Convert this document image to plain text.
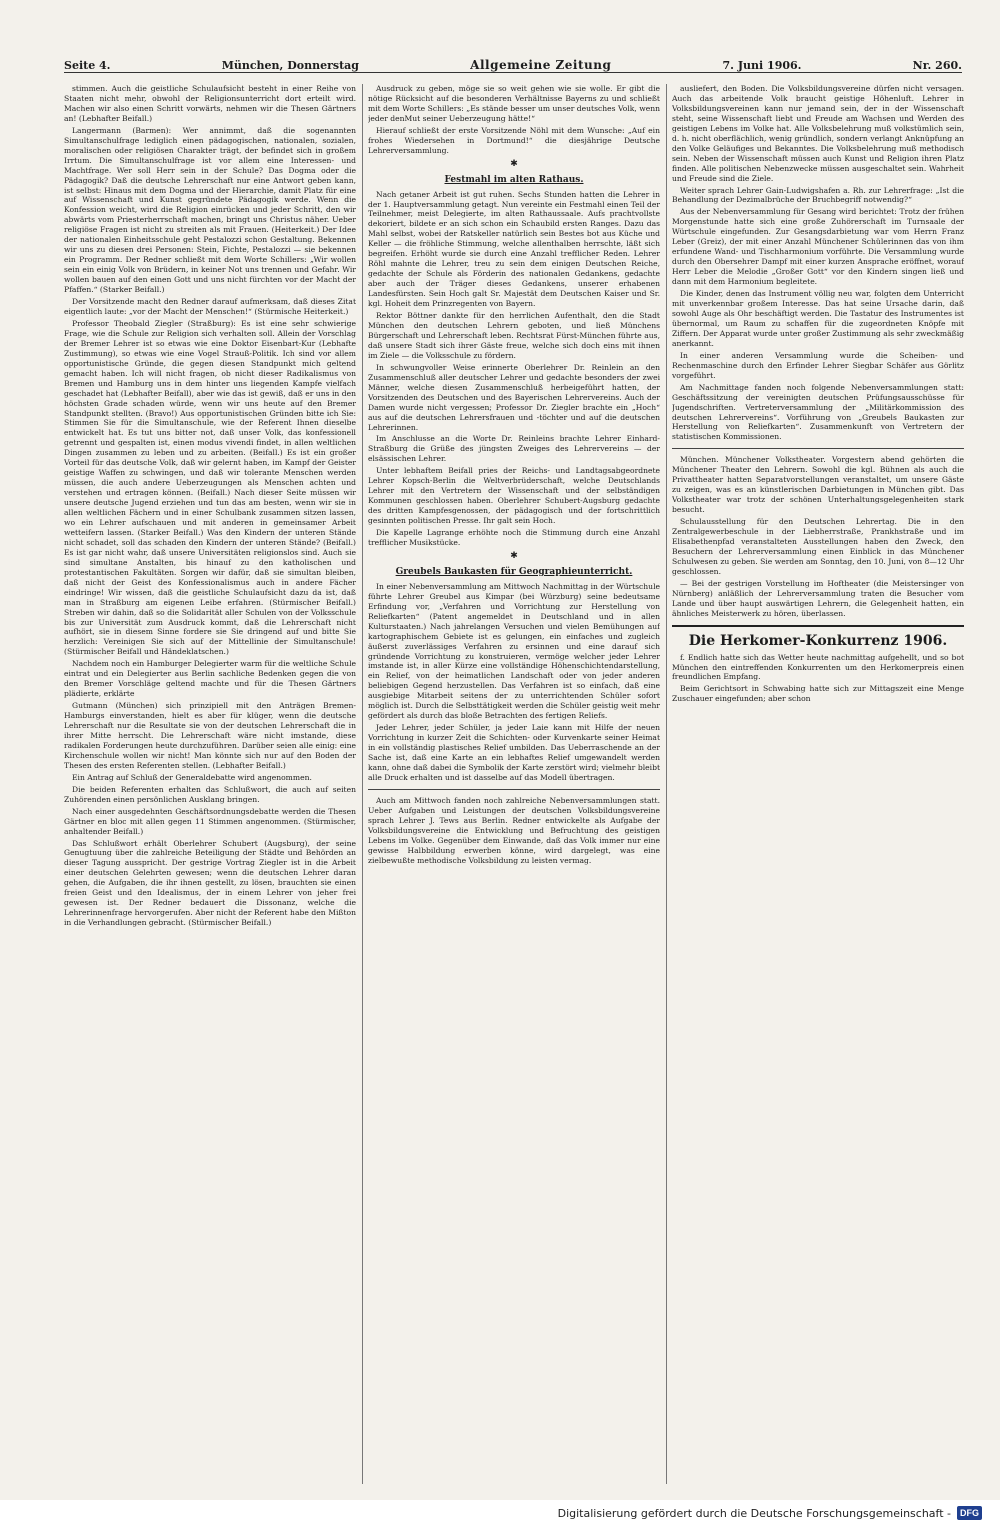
Seite 4.	München, Donnerstag	Allgemeine Zeitung	7. Juni 1906.	Nr. 260.

stimmen. Auch die geistliche Schulaufsicht besteht in einer Reihe von Staaten nicht mehr, obwohl der Religionsunterricht dort erteilt wird. Machen wir also einen Schritt vorwärts, nehmen wir die Thesen Gärtners an! (Lebhafter Beifall.)

Langermann (Barmen): Wer annimmt, daß die sogenannten Simultanschulfrage lediglich einen pädagogischen, nationalen, sozialen, moralischen oder religiösen Charakter trägt, der befindet sich in großem Irrtum. Die Simultanschulfrage ist vor allem eine Interessen- und Machtfrage. Wer soll Herr sein in der Schule? Das Dogma oder die Pädagogik? Daß die deutsche Lehrerschaft nur eine Antwort geben kann, ist selbst: Hinaus mit dem Dogma und der Hierarchie, damit Platz für eine auf Wissenschaft und Kunst gegründete Pädagogik werde. Wenn die Konfession weicht, wird die Religion einrücken und jeder Schritt, den wir abwärts vom Priesterherrschaft machen, bringt uns Christus näher. Ueber religiöse Fragen ist nicht zu streiten als mit Frauen. (Heiterkeit.) Der Idee der nationalen Einheitsschule geht Pestalozzi schon Gestaltung. Bekennen wir uns zu diesen drei Personen: Stein, Fichte, Pestalozzi — sie bekennen ein Programm. Der Redner schließt mit dem Worte Schillers: „Wir wollen sein ein einig Volk von Brüdern, in keiner Not uns trennen und Gefahr. Wir wollen bauen auf den einen Gott und uns nicht fürchten vor der Macht der Pfaffen.“ (Starker Beifall.)

Der Vorsitzende macht den Redner darauf aufmerksam, daß dieses Zitat eigentlich laute: „vor der Macht der Menschen!“ (Stürmische Heiterkeit.)

Professor Theobald Ziegler (Straßburg): Es ist eine sehr schwierige Frage, wie die Schule zur Religion sich verhalten soll. Allein der Vorschlag der Bremer Lehrer ist so etwas wie eine Doktor Eisenbart-Kur (Lebhafte Zustimmung), so etwas wie eine Vogel Strauß-Politik. Ich sind vor allem opportunistische Gründe, die gegen diesen Standpunkt mich geltend gemacht haben. Ich will nicht fragen, ob nicht dieser Radikalismus von Bremen und Hamburg uns in dem hinter uns liegenden Kampfe vielfach geschadet hat (Lebhafter Beifall), aber wie das ist gewiß, daß er uns in den höchsten Grade schaden würde, wenn wir uns heute auf den Bremer Standpunkt stellten. (Bravo!) Aus opportunistischen Gründen bitte ich Sie: Stimmen Sie für die Simultanschule, wie der Referent Ihnen dieselbe entwickelt hat. Es tut uns bitter not, daß unser Volk, das konfessionell getrennt und gespalten ist, einen modus vivendi findet, in allen weltlichen Dingen zusammen zu leben und zu arbeiten. (Beifall.) Es ist ein großer Vorteil für das deutsche Volk, daß wir gelernt haben, im Kampf der Geister geistige Waffen zu schwingen, und daß wir tolerante Menschen werden müssen, die auch andere Ueberzeugungen als Menschen achten und verstehen und ertragen können. (Beifall.) Nach dieser Seite müssen wir unsere deutsche Jugend erziehen und tun das am besten, wenn wir sie in allen weltlichen Fächern und in einer Schulbank zusammen sitzen lassen, wo ein Lehrer aufschauen und mit anderen in gemeinsamer Arbeit wetteifern lassen. (Starker Beifall.) Was den Kindern der unteren Stände nicht schadet, soll das schaden den Kindern der unteren Stände? (Beifall.) Es ist gar nicht wahr, daß unsere Universitäten religionslos sind. Auch sie sind simultane Anstalten, bis hinauf zu den katholischen und protestantischen Fakultäten. Sorgen wir dafür, daß sie simultan bleiben, daß nicht der Geist des Konfessionalismus auch in andere Fächer eindringe! Wir wissen, daß die geistliche Schulaufsicht dazu da ist, daß man in Straßburg am eigenen Leibe erfahren. (Stürmischer Beifall.) Streben wir dahin, daß so die Solidarität aller Schulen von der Volksschule bis zur Universität zum Ausdruck kommt, daß die Lehrerschaft nicht aufhört, sie in diesem Sinne fordere sie Sie dringend auf und bitte Sie herzlich: Vereinigen Sie sich auf der Mittellinie der Simultanschule! (Stürmischer Beifall und Händeklatschen.)

Nachdem noch ein Hamburger Delegierter warm für die weltliche Schule eintrat und ein Delegierter aus Berlin sachliche Bedenken gegen die von den Bremer Vorschläge geltend machte und für die Thesen Gärtners plädierte, erklärte

Gutmann (München) sich prinzipiell mit den Anträgen Bremen-Hamburgs einverstanden, hielt es aber für klüger, wenn die deutsche Lehrerschaft nur die Resultate sie von der deutschen Lehrerschaft die in ihrer Mitte herrscht. Die Lehrerschaft wäre nicht imstande, diese radikalen Forderungen heute durchzuführen. Darüber seien alle einig: eine Kirchenschule wollen wir nicht! Man könnte sich nur auf den Boden der Thesen des ersten Referenten stellen. (Lebhafter Beifall.)

Ein Antrag auf Schluß der Generaldebatte wird angenommen.

Die beiden Referenten erhalten das Schlußwort, die auch auf seiten Zuhörenden einen persönlichen Ausklang bringen.

Nach einer ausgedehnten Geschäftsordnungsdebatte werden die Thesen Gärtner en bloc mit allen gegen 11 Stimmen angenommen. (Stürmischer, anhaltender Beifall.)

Das Schlußwort erhält Oberlehrer Schubert (Augsburg), der seine Genugtuung über die zahlreiche Beteiligung der Städte und Behörden an dieser Tagung ausspricht. Der gestrige Vortrag Ziegler ist in die Arbeit einer deutschen Gelehrten gewesen; wenn die deutschen Lehrer daran gehen, die Aufgaben, die ihr ihnen gestellt, zu lösen, brauchten sie einen freien Geist und den Idealismus, der in einem Lehrer von jeher frei gewesen ist. Der Redner bedauert die Dissonanz, welche die Lehrerinnenfrage hervorgerufen. Aber nicht der Referent habe den Mißton in die Verhandlungen gebracht. (Stürmischer Beifall.)

Ausdruck zu geben, möge sie so weit gehen wie sie wolle. Er gibt die nötige Rücksicht auf die besonderen Verhältnisse Bayerns zu und schließt mit dem Worte Schillers: „Es stände besser um unser deutsches Volk, wenn jeder denMut seiner Ueberzeugung hätte!“

Hierauf schließt der erste Vorsitzende Nöhl mit dem Wunsche: „Auf ein frohes Wiedersehen in Dortmund!“ die diesjährige Deutsche Lehrerversammlung.

✱
Festmahl im alten Rathaus.

Nach getaner Arbeit ist gut ruhen. Sechs Stunden hatten die Lehrer in der 1. Hauptversammlung getagt. Nun vereinte ein Festmahl einen Teil der Teilnehmer, meist Delegierte, im alten Rathaussaale. Aufs prachtvollste dekoriert, bildete er an sich schon ein Schaubild ersten Ranges. Dazu das Mahl selbst, wobei der Ratskeller natürlich sein Bestes bot aus Küche und Keller — die fröhliche Stimmung, welche allenthalben herrschte, läßt sich begreifen. Erhöht wurde sie durch eine Anzahl trefflicher Reden. Lehrer Röhl mahnte die Lehrer, treu zu sein dem einigen Deutschen Reiche, gedachte der Schule als Förderin des nationalen Gedankens, gedachte aber auch der Träger dieses Gedankens, unserer erhabenen Landesfürsten. Sein Hoch galt Sr. Majestät dem Deutschen Kaiser und Sr. kgl. Hoheit dem Prinzregenten von Bayern.

Rektor Böttner dankte für den herrlichen Aufenthalt, den die Stadt München den deutschen Lehrern geboten, und ließ Münchens Bürgerschaft und Lehrerschaft leben. Rechtsrat Fürst-München führte aus, daß unsere Stadt sich ihrer Gäste freue, welche sich doch eins mit ihnen im Ziele — die Volksschule zu fördern.

In schwungvoller Weise erinnerte Oberlehrer Dr. Reinlein an den Zusammenschluß aller deutscher Lehrer und gedachte besonders der zwei Männer, welche diesen Zusammenschluß herbeigeführt hatten, der Vorsitzenden des Deutschen und des Bayerischen Lehrervereins. Auch der Damen wurde nicht vergessen; Professor Dr. Ziegler brachte ein „Hoch“ aus auf die deutschen Lehrersfrauen und -töchter und auf die deutschen Lehrerinnen.

Im Anschlusse an die Worte Dr. Reinleins brachte Lehrer Einhard-Straßburg die Grüße des jüngsten Zweiges des Lehrervereins — der elsässischen Lehrer.

Unter lebhaftem Beifall pries der Reichs- und Landtagsabgeordnete Lehrer Kopsch-Berlin die Weltverbrüderschaft, welche Deutschlands Lehrer mit den Vertretern der Wissenschaft und der selbständigen Kommunen geschlossen haben. Oberlehrer Schubert-Augsburg gedachte des dritten Kampfesgenossen, der pädagogisch und der fortschrittlich gesinnten politischen Presse. Ihr galt sein Hoch.

Die Kapelle Lagrange erhöhte noch die Stimmung durch eine Anzahl trefflicher Musikstücke.

✱
Greubels Baukasten für Geographieunterricht.

In einer Nebenversammlung am Mittwoch Nachmittag in der Würtschule führte Lehrer Greubel aus Kimpar (bei Würzburg) seine bedeutsame Erfindung vor, „Verfahren und Vorrichtung zur Herstellung von Reliefkarten“ (Patent angemeldet in Deutschland und in allen Kulturstaaten.) Nach jahrelangen Versuchen und vielen Bemühungen auf kartographischem Gebiete ist es gelungen, ein einfaches und zugleich äußerst zuverlässiges Verfahren zu ersinnen und eine darauf sich gründende Vorrichtung zu konstruieren, vermöge welcher jeder Lehrer imstande ist, in aller Kürze eine vollständige Höhenschichtendarstellung, ein Relief, von der heimatlichen Landschaft oder von jeder anderen beliebigen Gegend herzustellen. Das Verfahren ist so einfach, daß eine ausgiebige Mitarbeit seitens der zu unterrichtenden Schüler sofort möglich ist. Durch die Selbsttätigkeit werden die Schüler geistig weit mehr gefördert als durch das bloße Betrachten des fertigen Reliefs.

Jeder Lehrer, jeder Schüler, ja jeder Laie kann mit Hilfe der neuen Vorrichtung in kurzer Zeit die Schichten- oder Kurvenkarte seiner Heimat in ein vollständig plastisches Relief umbilden. Das Ueberraschende an der Sache ist, daß eine Karte an ein lebhaftes Relief umgewandelt werden kann, ohne daß dabei die Symbolik der Karte zerstört wird; vielmehr bleibt alle Druck erhalten und ist dasselbe auf das Modell übertragen.

Auch am Mittwoch fanden noch zahlreiche Nebenversammlungen statt. Ueber Aufgaben und Leistungen der deutschen Volksbildungsvereine sprach Lehrer J. Tews aus Berlin. Redner entwickelte als Aufgabe der Volksbildungsvereine die Entwicklung und Befruchtung des geistigen Lebens im Volke. Gegenüber dem Einwande, daß das Volk immer nur eine gewisse Halbbildung erwerben könne, wird dargelegt, was eine zielbewußte methodische Volksbildung zu leisten vermag.

ausliefert, den Boden. Die Volksbildungsvereine dürfen nicht versagen. Auch das arbeitende Volk braucht geistige Höhenluft. Lehrer in Volksbildungsvereinen kann nur jemand sein, der in der Wissenschaft steht, seine Wissenschaft liebt und Freude am Wachsen und Werden des geistigen Lebens im Volke hat. Alle Volksbelehrung muß volkstümlich sein, d. h. nicht oberflächlich, wenig gründlich, sondern verlangt Anknüpfung an den Volke Geläufiges und Bekanntes. Die Volksbelehrung muß methodisch sein. Neben der Wissenschaft müssen auch Kunst und Religion ihren Platz finden. Alle politischen Nebenzwecke müssen ausgeschaltet sein. Wahrheit und Freude sind die Ziele.

Weiter sprach Lehrer Gain-Ludwigshafen a. Rh. zur Lehrerfrage: „Ist die Behandlung der Dezimalbrüche der Bruchbegriff notwendig?“

Aus der Nebenversammlung für Gesang wird berichtet: Trotz der frühen Morgenstunde hatte sich eine große Zuhörerschaft im Turnsaale der Würtschule eingefunden. Zur Gesangsdarbietung war vom Herrn Franz Leber (Greiz), der mit einer Anzahl Münchener Schülerinnen das von ihm erfundene Wand- und Tischharmonium vorführte. Die Versammlung wurde durch den Obersehrer Dampf mit einer kurzen Ansprache eröffnet, worauf Herr Leber die Melodie „Großer Gott“ vor den Kindern singen ließ und dann mit dem Harmonium begleitete.

Die Kinder, denen das Instrument völlig neu war, folgten dem Unterricht mit unverkennbar großem Interesse. Das hat seine Ursache darin, daß sowohl Auge als Ohr beschäftigt werden. Die Tastatur des Instrumentes ist übernormal, um Raum zu schaffen für die zugeordneten Knöpfe mit Ziffern. Der Apparat wurde unter großer Zustimmung als sehr zweckmäßig anerkannt.

In einer anderen Versammlung wurde die Scheiben- und Rechenmaschine durch den Erfinder Lehrer Siegbar Schäfer aus Görlitz vorgeführt.

Am Nachmittage fanden noch folgende Nebenversammlungen statt: Geschäftssitzung der vereinigten deutschen Prüfungsausschüsse für Jugendschriften. Vertreterversammlung der „Militärkommission des deutschen Lehrervereins“. Vorführung von „Greubels Baukasten zur Herstellung von Reliefkarten“. Zusammenkunft von Vertretern der statistischen Kommissionen.

München. Münchener Volkstheater. Vorgestern abend gehörten die Münchener Theater den Lehrern. Sowohl die kgl. Bühnen als auch die Privattheater hatten Separatvorstellungen veranstaltet, um unsere Gäste zu zeigen, was es an künstlerischen Darbietungen in München gibt. Das Volkstheater war trotz der schönen Unterhaltungsgelegenheiten stark besucht.

Schulausstellung für den Deutschen Lehrertag. Die in den Zentralgewerbeschule in der Liebherrstraße, Prankhstraße und im Elisabethenpfad veranstalteten Ausstellungen haben den Zweck, den Besuchern der Lehrerversammlung einen Einblick in das Münchener Schulwesen zu geben. Sie werden am Sonntag, den 10. Juni, von 8—12 Uhr geschlossen.

— Bei der gestrigen Vorstellung im Hoftheater (die Meistersinger von Nürnberg) anläßlich der Lehrerversammlung traten die Besucher vom Lande und über haupt auswärtigen Lehrern, die Gelegenheit hatten, ein ähnliches Meisterwerk zu hören, überlassen.

Die Herkomer-Konkurrenz 1906.

f. Endlich hatte sich das Wetter heute nachmittag aufgehellt, und so bot München den eintreffenden Konkurrenten um den Herkomerpreis einen freundlichen Empfang.

Beim Gerichtsort in Schwabing hatte sich zur Mittagszeit eine Menge Zuschauer eingefunden; aber schon

Digitalisierung gefördert durch die Deutsche Forschungsgemeinschaft -	DFG
